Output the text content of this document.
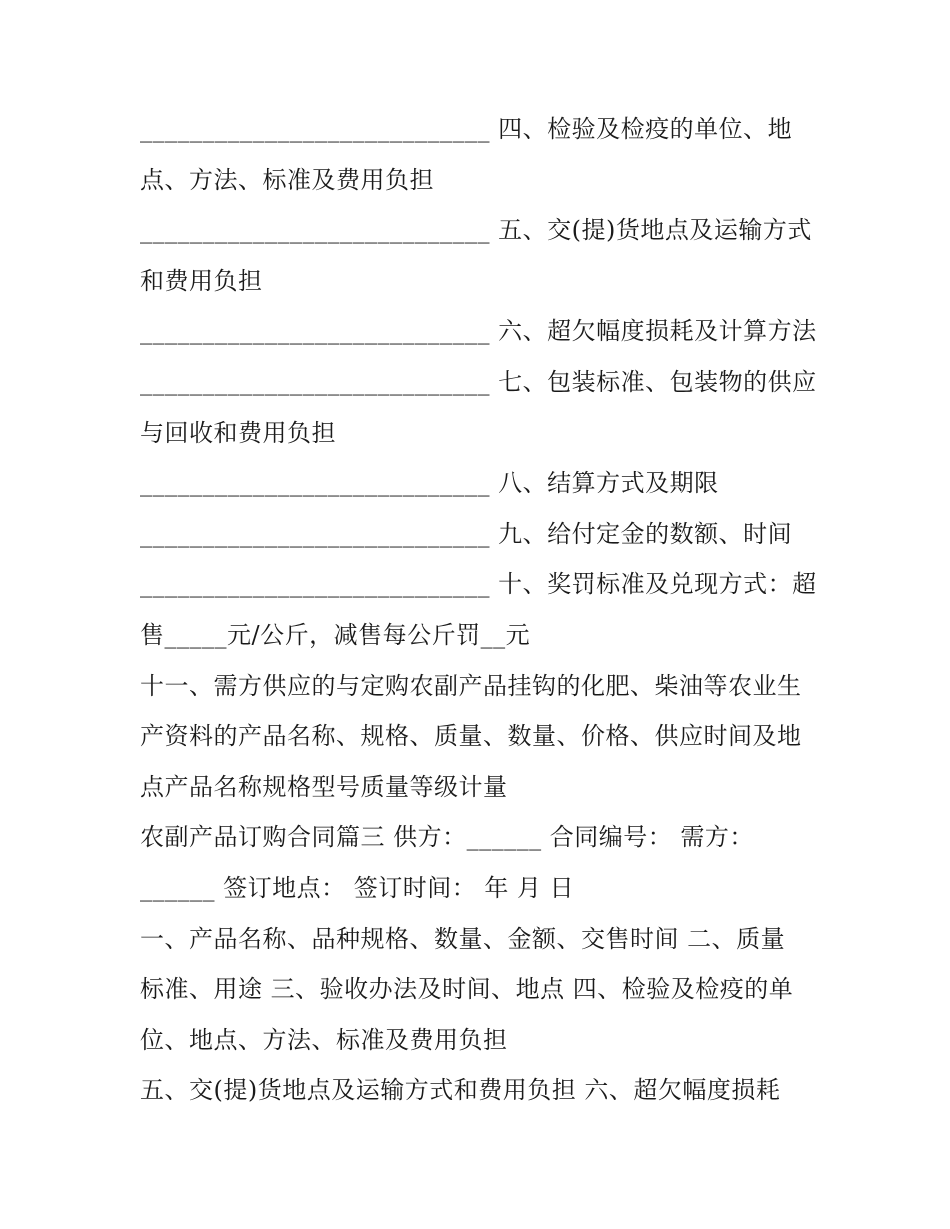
____________________________ 四、检验及检疫的单位、地
点、方法、标准及费用负担
____________________________ 五、交(提)货地点及运输方式
和费用负担
____________________________ 六、超欠幅度损耗及计算方法
____________________________ 七、包装标准、包装物的供应
与回收和费用负担
____________________________ 八、结算方式及期限
____________________________ 九、给付定金的数额、时间
____________________________ 十、奖罚标准及兑现方式：超
售_____元/公斤，减售每公斤罚__元
十一、需方供应的与定购农副产品挂钩的化肥、柴油等农业生
产资料的产品名称、规格、质量、数量、价格、供应时间及地
点产品名称规格型号质量等级计量
农副产品订购合同篇三 供方：______ 合同编号： 需方：
______ 签订地点： 签订时间： 年 月 日
一、产品名称、品种规格、数量、金额、交售时间 二、质量
标准、用途 三、验收办法及时间、地点 四、检验及检疫的单
位、地点、方法、标准及费用负担
五、交(提)货地点及运输方式和费用负担 六、超欠幅度损耗
